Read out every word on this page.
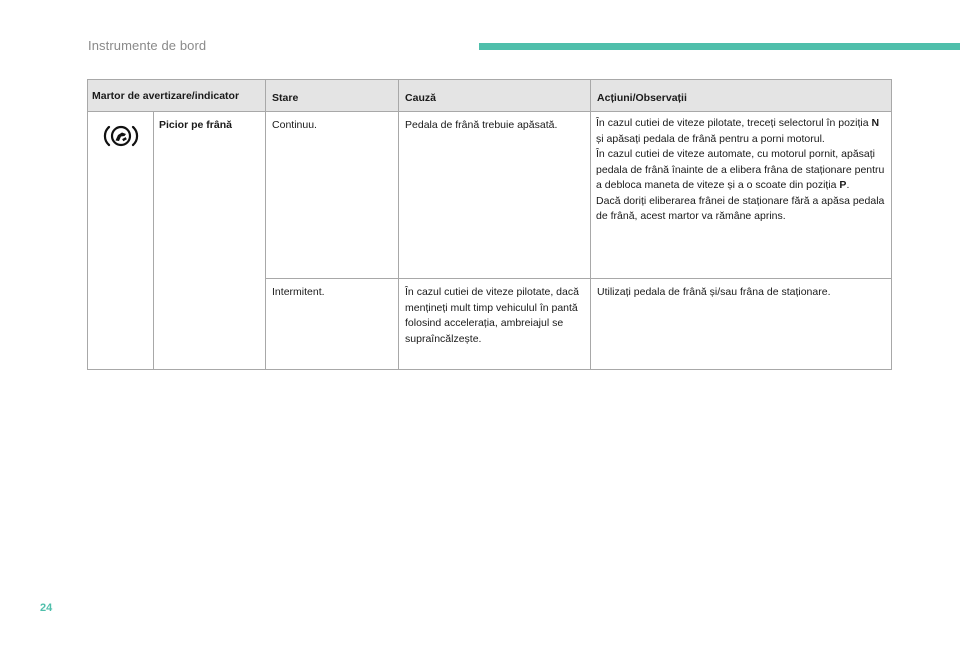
Instrumente de bord
Martor de avertizare/indicator		Stare	Cauză	Acțiuni/Observații

	Picior pe frână	Continuu.	Pedala de frână trebuie apăsată.	În cazul cutiei de viteze pilotate, treceți selectorul în poziția N și apăsați pedala de frână pentru a porni motorul.
În cazul cutiei de viteze automate, cu motorul pornit, apăsați pedala de frână înainte de a elibera frâna de staționare pentru a debloca maneta de viteze și a o scoate din poziția P.
Dacă doriți eliberarea frânei de staționare fără a apăsa pedala de frână, acest martor va rămâne aprins.
		Intermitent.	În cazul cutiei de viteze pilotate, dacă mențineți mult timp vehiculul în pantă folosind accelerația, ambreiajul se supraîncălzește.	Utilizați pedala de frână și/sau frâna de staționare.
24
